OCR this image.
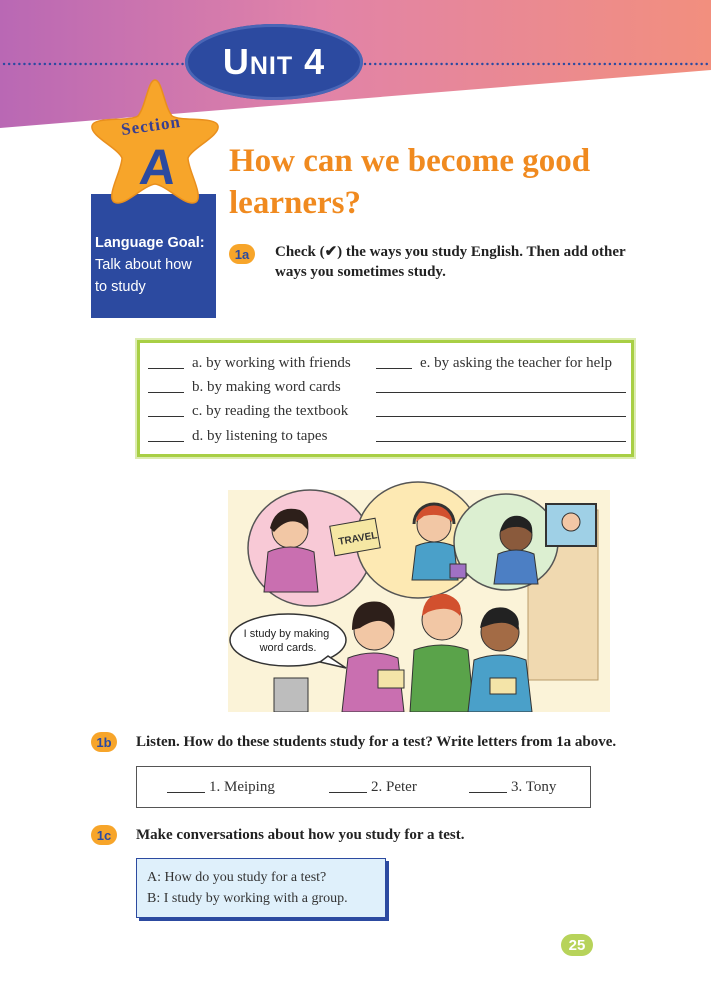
Unit 4
Language Goal:
Talk about how to study
Section
A	How can we become good learners?
1a	Check (✔) the ways you study English. Then add other ways you sometimes study.
a. by working with friends
b. by making word cards
c. by reading the textbook
d. by listening to tapes
e. by asking the teacher for help
TRAVEL
I study by making word cards.
1b	Listen. How do these students study for a test? Write letters from 1a above.
1. Meiping	2. Peter	3. Tony
1c	Make conversations about how you study for a test.
A: How do you study for a test?
B: I study by working with a group.
25
